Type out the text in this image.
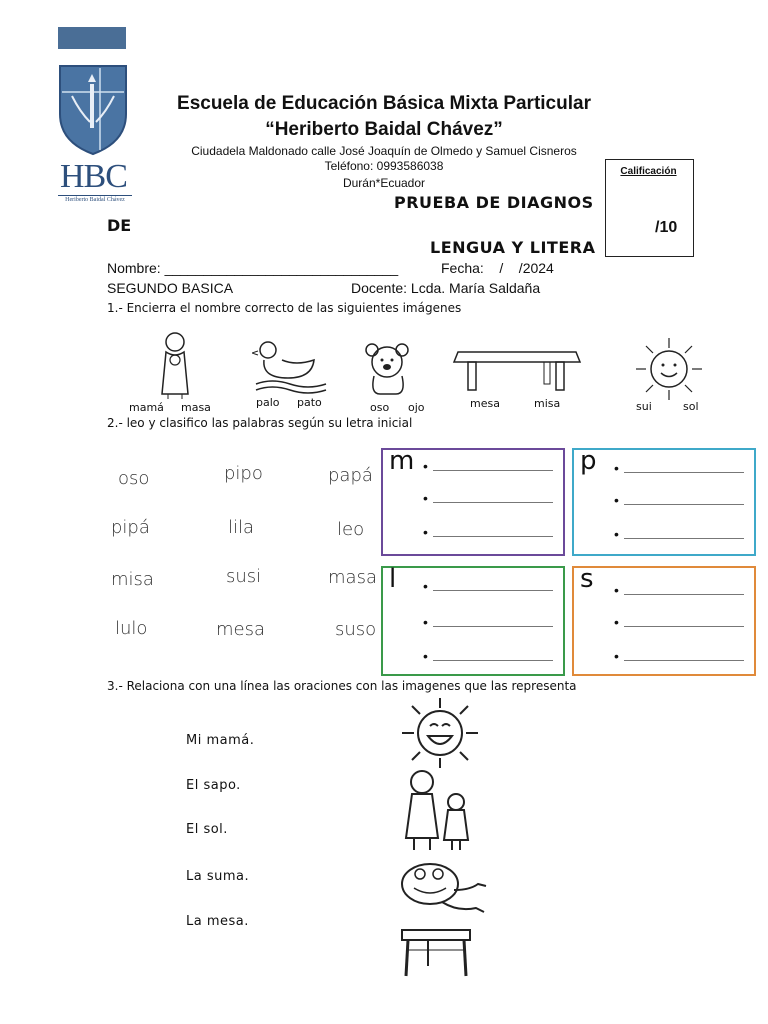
HBC
Heriberto Baidal Chávez
Escuela de Educación Básica Mixta Particular
“Heriberto Baidal Chávez”
Ciudadela Maldonado calle José Joaquín de Olmedo y Samuel Cisneros
Teléfono: 0993586038
Durán*Ecuador
Calificación
/10
PRUEBA DE DIAGNOS
DE
LENGUA Y LITERA
Nombre: ______________________________	Fecha:    /    /2024
SEGUNDO BASICA	Docente: Lcda. María Saldaña
1.- Encierra el nombre correcto de las siguientes imágenes
mamá masa	palo pato	oso ojo	mesa	misa	sui	sol
2.- leo y clasifico las palabras según su letra inicial
oso	pipo	papá
pipá	lila	leo
misa	susi	masa
lulo	mesa	suso
m •
•
•
p •
•
•
l •
•
•
s •
•
•
3.- Relaciona con una línea las oraciones con las imagenes que las representa
Mi mamá.
El sapo.
El sol.
La suma.
La mesa.
